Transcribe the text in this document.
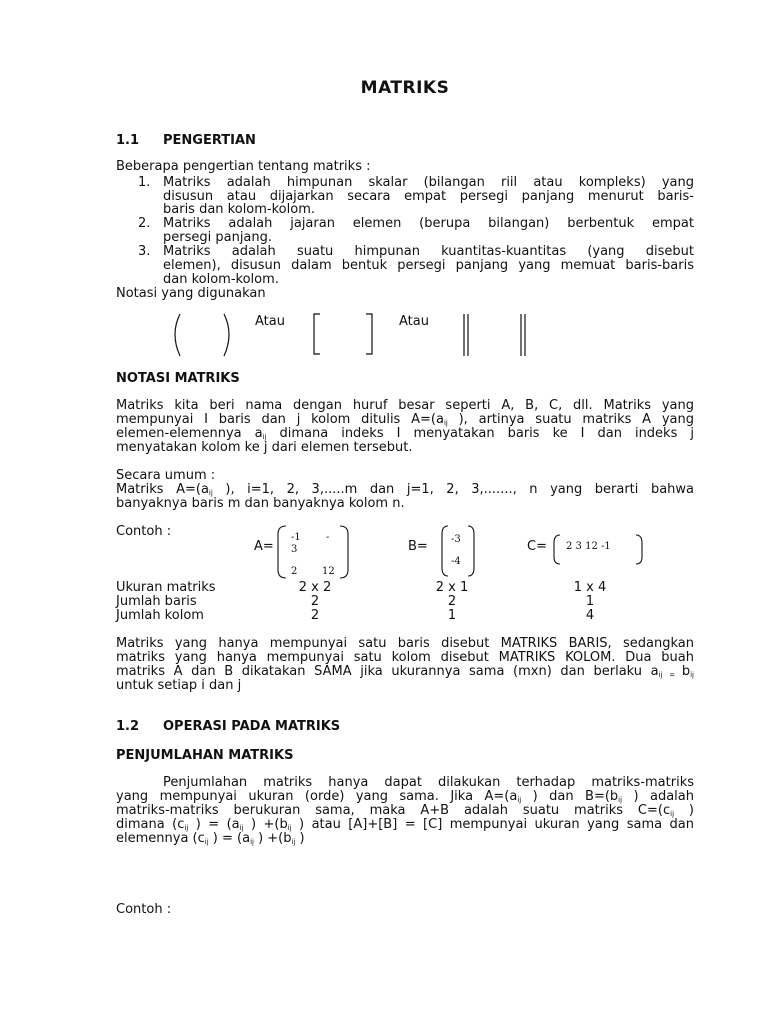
MATRIKS
1.1 PENGERTIAN
Beberapa pengertian tentang matriks :
1. Matriks adalah himpunan skalar (bilangan riil atau kompleks) yang
disusun atau dijajarkan secara empat persegi panjang menurut baris-
baris dan kolom-kolom.
2. Matriks adalah jajaran elemen (berupa bilangan) berbentuk empat
persegi panjang.
3. Matriks adalah suatu himpunan kuantitas-kuantitas (yang disebut
elemen), disusun dalam bentuk persegi panjang yang memuat baris-baris
dan kolom-kolom.
Notasi yang digunakan
Atau	Atau
NOTASI MATRIKS
Matriks kita beri nama dengan huruf besar seperti A, B, C, dll. Matriks yang
mempunyai I baris dan j kolom ditulis $A=(a_{ij}$ ), artinya suatu matriks A yang
elemen-elemennya $a_{ij}$ dimana indeks I menyatakan baris ke I dan indeks j
menyatakan kolom ke j dari elemen tersebut.
Secara umum :
Matriks $A=(a_{ij}$ ), i=1, 2, 3,.....m dan j=1, 2, 3,......., n yang berarti bahwa
banyaknya baris m dan banyaknya kolom n.
Contoh :
A=
-1	-
3
2 12
B= -3
-4
C= 2 3 12 -1
Ukuran matriks	2 x 2	2 x 1	1 x 4
Jumlah baris	2	2	1
Jumlah kolom	2	1	4
Matriks yang hanya mempunyai satu baris disebut MATRIKS BARIS, sedangkan
matriks yang hanya mempunyai satu kolom disebut MATRIKS KOLOM. Dua buah
matriks A dan B dikatakan SAMA jika ukurannya sama (mxn) dan berlaku $a_{ij}$ $_=$ $b_{ij}$
untuk setiap i dan j
1.2 OPERASI PADA MATRIKS
PENJUMLAHAN MATRIKS
Penjumlahan matriks hanya dapat dilakukan terhadap matriks-matriks
yang mempunyai ukuran (orde) yang sama. Jika $A=(a_{ij}$ ) dan $B=(b_{ij}$ ) adalah
matriks-matriks berukuran sama, maka A+B adalah suatu matriks $C=(c_{ij}$ )
dimana ($c_{ij}$ ) = ($a_{ij}$ ) $+(b_{ij}$ ) atau [A]+[B] = [C] mempunyai ukuran yang sama dan
elemennya ($c_{ij}$ ) = ($a_{ij}$ ) $+(b_{ij}$ )
Contoh :
